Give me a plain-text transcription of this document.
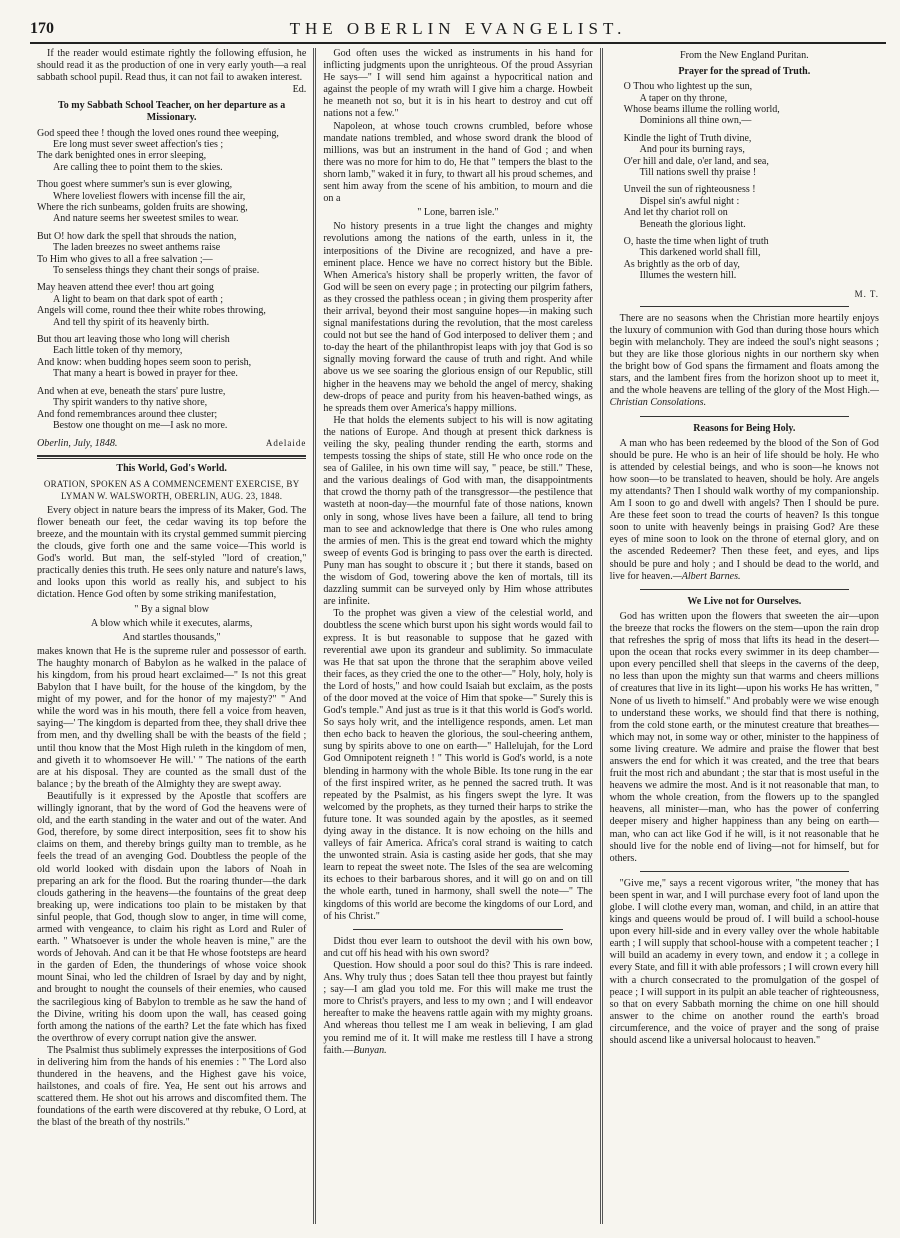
170	THE OBERLIN EVANGELIST.

If the reader would estimate rightly the following effusion, he should read it as the production of one in very early youth—a real sabbath school pupil. Read thus, it can not fail to awaken interest.

Ed.
To my Sabbath School Teacher, on her departure as a Missionary.
God speed thee ! though the loved ones round thee weeping,
Ere long must sever sweet affection's ties ;
The dark benighted ones in error sleeping,
Are calling thee to point them to the skies.
Thou goest where summer's sun is ever glowing,
Where loveliest flowers with incense fill the air,
Where the rich sunbeams, golden fruits are showing,
And nature seems her sweetest smiles to wear.
But O! how dark the spell that shrouds the nation,
The laden breezes no sweet anthems raise
To Him who gives to all a free salvation ;—
To senseless things they chant their songs of praise.
May heaven attend thee ever! thou art going
A light to beam on that dark spot of earth ;
Angels will come, round thee their white robes throwing,
And tell thy spirit of its heavenly birth.
But thou art leaving those who long will cherish
Each little token of thy memory,
And know: when budding hopes seem soon to perish,
That many a heart is bowed in prayer for thee.
And when at eve, beneath the stars' pure lustre,
Thy spirit wanders to thy native shore,
And fond remembrances around thee cluster;
Bestow one thought on me—I ask no more.
Adelaide
Oberlin, July, 1848.
This World, God's World.
ORATION, SPOKEN AS A COMMENCEMENT EXERCISE, BY LYMAN W. WALSWORTH, OBERLIN, AUG. 23, 1848.

Every object in nature bears the impress of its Maker, God. The flower beneath our feet, the cedar waving its top before the breeze, and the mountain with its crystal gemmed summit piercing the clouds, give forth one and the same voice—This world is God's world. But man, the self-styled "lord of creation," practically denies this truth. He sees only nature and nature's laws, and looks upon this world as really his, and subject to his dictation. Hence God often by some striking manifestation,

" By a signal blow
A blow which while it executes, alarms,
And startles thousands,"

makes known that He is the supreme ruler and possessor of earth. The haughty monarch of Babylon as he walked in the palace of his kingdom, from his proud heart exclaimed—" Is not this great Babylon that I have built, for the house of the kingdom, by the might of my power, and for the honor of my majesty?" " And while the word was in his mouth, there fell a voice from heaven, saying—' The kingdom is departed from thee, they shall drive thee from men, and thy dwelling shall be with the beasts of the field ; until thou know that the Most High ruleth in the kingdom of men, and giveth it to whomsoever He will.' " The nations of the earth are at his disposal. They are counted as the small dust of the balance ; by the breath of the Almighty they are swept away.

Beautifully is it expressed by the Apostle that scoffers are willingly ignorant, that by the word of God the heavens were of old, and the earth standing in the water and out of the water. And God, therefore, by some direct interposition, sees fit to show his claims on them, and thereby brings guilty man to tremble, as he feels the tread of an avenging God. Doubtless the people of the old world looked with disdain upon the labors of Noah in preparing an ark for the flood. But the roaring thunder—the dark clouds gathering in the heavens—the fountains of the great deep breaking up, were indications too plain to be mistaken by that sinful people, that God, though slow to anger, in time will come, armed with vengeance, to claim his right as Lord and Ruler of earth. " Whatsoever is under the whole heaven is mine," are the words of Jehovah. And can it be that He whose footsteps are heard in the garden of Eden, the thunderings of whose voice shook mount Sinai, who led the children of Israel by day and by night, and brought to nought the counsels of their enemies, who caused the sacrilegious king of Babylon to tremble as he saw the hand of the Divine, writing his doom upon the wall, has ceased going forth among the nations of the earth? Let the fate which has fixed the overthrow of every corrupt nation give the answer.

The Psalmist thus sublimely expresses the interpositions of God in delivering him from the hands of his enemies : " The Lord also thundered in the heavens, and the Highest gave his voice, hailstones, and coals of fire. Yea, He sent out his arrows and scattered them. He shot out his arrows and discomfited them. The foundations of the earth were discovered at thy rebuke, O Lord, at the blast of the breath of thy nostrils."

God often uses the wicked as instruments in his hand for inflicting judgments upon the unrighteous. Of the proud Assyrian He says—" I will send him against a hypocritical nation and against the people of my wrath will I give him a charge. Howbeit he meaneth not so, but it is in his heart to destroy and cut off nations not a few."

Napoleon, at whose touch crowns crumbled, before whose mandate nations trembled, and whose sword drank the blood of millions, was but an instrument in the hand of God ; and when there was no more for him to do, He that " tempers the blast to the shorn lamb," waked it in fury, to thwart all his proud schemes, and sent him away from the scene of his ambition, to mourn and die on a

" Lone, barren isle."

No history presents in a true light the changes and mighty revolutions among the nations of the earth, unless in it, the interpositions of the Divine are recognized, and have a pre-eminent place. Hence we have no correct history but the Bible. When America's history shall be properly written, the favor of God will be seen on every page ; in protecting our pilgrim fathers, as they crossed the pathless ocean ; in giving them prosperity after their arrival, beyond their most sanguine hopes—in making such signal manifestations during the revolution, that the most careless could not but see the hand of God interposed to deliver them ; and to-day the heart of the philanthropist leaps with joy that God is so signally moving forward the cause of truth and right. And while above us we see soaring the glorious ensign of our Republic, still higher in the heavens may we behold the angel of mercy, shaking dew-drops of peace and purity from his heaven-bathed wings, as he spreads them over America's happy millions.

He that holds the elements subject to his will is now agitating the nations of Europe. And though at present thick darkness is veiling the sky, pealing thunder rending the earth, storms and tempests tossing the ships of state, still He who once rode on the sea of Galilee, in his own time will say, " peace, be still." These, and the various dealings of God with man, the disappointments that crowd the thorny path of the transgressor—the pestilence that wasteth at noon-day—the mournful fate of those nations, known only in song, whose lives have been a failure, all tend to bring man to see and acknowledge that there is One who rules among the armies of men. This is the great end toward which the mighty sweep of events God is bringing to pass over the earth is directed. Puny man has sought to obscure it ; but there it stands, based on the wisdom of God, towering above the ken of mortals, till its dazzling summit can be surveyed only by Him whose attributes are infinite.

To the prophet was given a view of the celestial world, and doubtless the scene which burst upon his sight words would fail to express. It is but reasonable to suppose that he gazed with reverential awe upon its grandeur and sublimity. So immaculate was He that sat upon the throne that the seraphim above veiled their faces, as they cried the one to the other—" Holy, holy, holy is the Lord of hosts," and how could Isaiah but exclaim, as the posts of the door moved at the voice of Him that spoke—" Surely this is God's temple." And just as true is it that this world is God's world. So says holy writ, and the intelligence responds, amen. Let man then echo back to heaven the glorious, the soul-cheering anthem, sung by spirits above to one on earth—" Hallelujah, for the Lord God Omnipotent reigneth ! " This world is God's world, is a note blending in harmony with the whole Bible. Its tone rung in the ear of the first inspired writer, as he penned the sacred truth. It was repeated by the Psalmist, as his fingers swept the lyre. It was welcomed by the prophets, as they turned their harps to strike the future tone. It was sounded again by the apostles, as it seemed dying away in the distance. It is now echoing on the hills and valleys of fair America. Africa's coral strand is waiting to catch the unwonted strain. Asia is casting aside her gods, that she may learn to repeat the sweet note. The Isles of the sea are welcoming its echoes to their barbarous shores, and it will go on and on till the whole earth, tuned in harmony, shall swell the note—" The kingdoms of this world are become the kingdoms of our Lord, and of his Christ."

Didst thou ever learn to outshoot the devil with his own bow, and cut off his head with his own sword?

Question. How should a poor soul do this? This is rare indeed. Ans. Why truly thus ; does Satan tell thee thou prayest but faintly ; say—I am glad you told me. For this will make me trust the more to Christ's prayers, and less to my own ; and I will endeavor hereafter to make the heavens rattle again with my mighty groans. And whereas thou tellest me I am weak in believing, I am glad you remind me of it. It will make me restless till I have a strong faith.—Bunyan.

From the New England Puritan.
Prayer for the spread of Truth.
O Thou who lightest up the sun,
A taper on thy throne,
Whose beams illume the rolling world,
Dominions all thine own,—
Kindle the light of Truth divine,
And pour its burning rays,
O'er hill and dale, o'er land, and sea,
Till nations swell thy praise !
Unveil the sun of righteousness !
Dispel sin's awful night :
And let thy chariot roll on
Beneath the glorious light.
O, haste the time when light of truth
This darkened world shall fill,
As brightly as the orb of day,
Illumes the western hill.
M. T.

There are no seasons when the Christian more heartily enjoys the luxury of communion with God than during those hours which begin with melancholy. They are indeed the soul's night seasons ; but they are like those glorious nights in our northern sky when the bright bow of God spans the firmament and floats among the stars, and the lambent fires from the horizon shoot up to meet it, and the whole heavens are telling of the glory of the Most High.—Christian Consolations.

Reasons for Being Holy.

A man who has been redeemed by the blood of the Son of God should be pure. He who is an heir of life should be holy. He who is attended by celestial beings, and who is soon—he knows not how soon—to be translated to heaven, should be holy. Are angels my attendants? Then I should walk worthy of my companionship. Am I soon to go and dwell with angels? Then I should be pure. Are these feet soon to tread the courts of heaven? Is this tongue soon to unite with heavenly beings in praising God? Are these eyes of mine soon to look on the throne of eternal glory, and on the ascended Redeemer? Then these feet, and eyes, and lips should be pure and holy ; and I should be dead to the world, and live for heaven.—Albert Barnes.

We Live not for Ourselves.

God has written upon the flowers that sweeten the air—upon the breeze that rocks the flowers on the stem—upon the rain drop that refreshes the sprig of moss that lifts its head in the desert—upon the ocean that rocks every swimmer in its deep chamber—upon every pencilled shell that sleeps in the caverns of the deep, no less than upon the mighty sun that warms and cheers millions of creatures that live in its light—upon his works He has written, " None of us liveth to himself." And probably were we wise enough to understand these works, we should find that there is nothing, from the cold stone earth, or the minutest creature that breathes—which may not, in some way or other, minister to the happiness of some living creature. We admire and praise the flower that best answers the end for which it was created, and the tree that bears fruit the most rich and abundant ; the star that is most useful in the heavens we admire the most. And is it not reasonable that man, to whom the whole creation, from the flowers up to the spangled heavens, all minister—man, who has the power of conferring deeper misery and higher happiness than any being on earth—man, who can act like God if he will, is it not reasonable that he should live for the noble end of living—not for himself, but for others.

"Give me," says a recent vigorous writer, "the money that has been spent in war, and I will purchase every foot of land upon the globe. I will clothe every man, woman, and child, in an attire that kings and queens would be proud of. I will build a school-house upon every hill-side and in every valley over the whole habitable earth ; I will supply that school-house with a competent teacher ; I will build an academy in every town, and endow it ; a college in every State, and fill it with able professors ; I will crown every hill with a church consecrated to the promulgation of the gospel of peace ; I will support in its pulpit an able teacher of righteousness, so that on every Sabbath morning the chime on one hill should answer to the chime on another round the earth's broad circumference, and the voice of prayer and the song of praise should ascend like a universal holocaust to heaven."
